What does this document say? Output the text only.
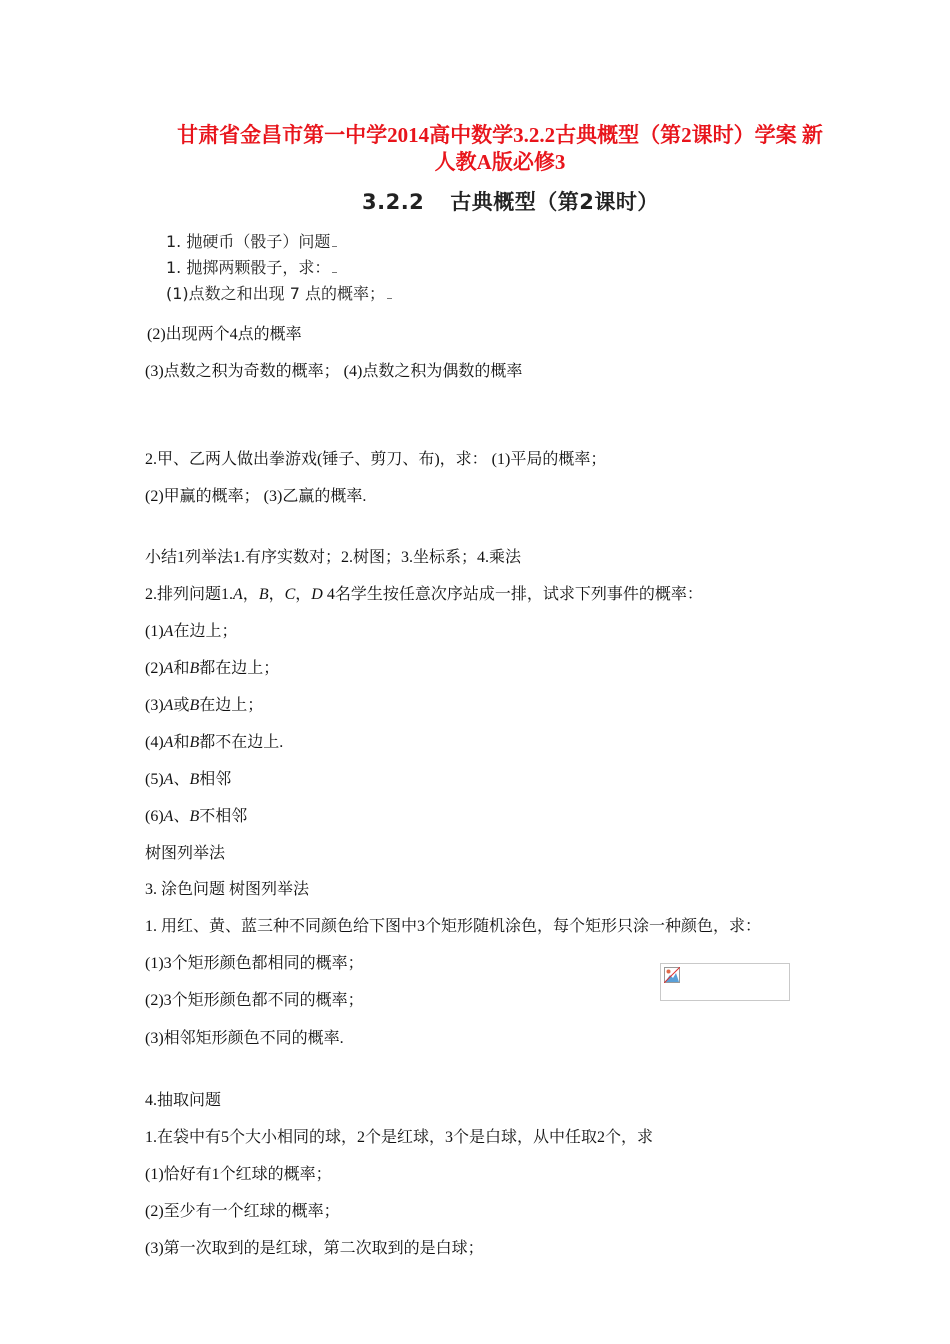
甘肃省金昌市第一中学2014高中数学3.2.2古典概型（第2课时）学案 新
人教A版必修3
3.2.2 古典概型（第2课时）
1. 抛硬币（骰子）问题
1. 抛掷两颗骰子，求：
(1)点数之和出现 7 点的概率；
(2)出现两个4点的概率
(3)点数之积为奇数的概率； (4)点数之积为偶数的概率
2.甲、乙两人做出拳游戏(锤子、剪刀、布)，求： (1)平局的概率；
(2)甲赢的概率； (3)乙赢的概率.
小结1列举法1.有序实数对；2.树图；3.坐标系；4.乘法
2.排列问题1.A，B，C，D 4名学生按任意次序站成一排，试求下列事件的概率：
(1)A在边上；
(2)A和B都在边上；
(3)A或B在边上；
(4)A和B都不在边上.
(5)A、B相邻
(6)A、B不相邻
树图列举法
3. 涂色问题 树图列举法
1. 用红、黄、蓝三种不同颜色给下图中3个矩形随机涂色，每个矩形只涂一种颜色，求：
(1)3个矩形颜色都相同的概率；
(2)3个矩形颜色都不同的概率；
(3)相邻矩形颜色不同的概率.
4.抽取问题
1.在袋中有5个大小相同的球，2个是红球，3个是白球，从中任取2个，求
(1)恰好有1个红球的概率；
(2)至少有一个红球的概率；
(3)第一次取到的是红球，第二次取到的是白球；
